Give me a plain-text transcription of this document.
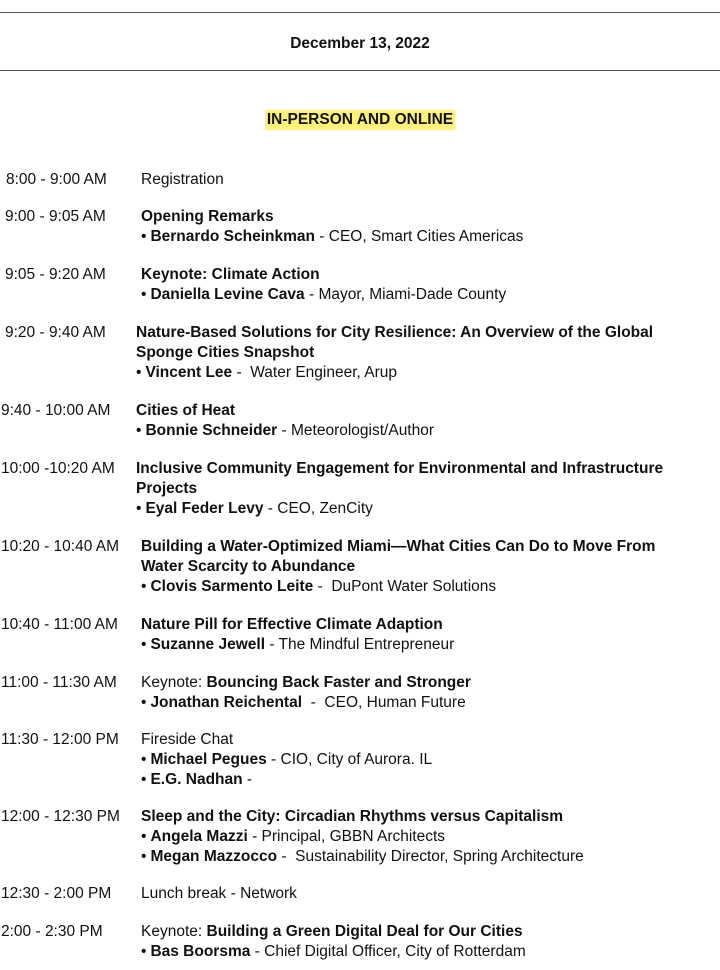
December 13, 2022
IN-PERSON AND ONLINE
8:00 - 9:00 AM Registration
9:00 - 9:05 AM Opening Remarks
• Bernardo Scheinkman - CEO, Smart Cities Americas
9:05 - 9:20 AM Keynote: Climate Action
• Daniella Levine Cava - Mayor, Miami-Dade County
9:20 - 9:40 AM Nature-Based Solutions for City Resilience: An Overview of the Global
Sponge Cities Snapshot
• Vincent Lee -  Water Engineer, Arup
9:40 - 10:00 AM Cities of Heat
• Bonnie Schneider - Meteorologist/Author
10:00 -10:20 AM Inclusive Community Engagement for Environmental and Infrastructure
Projects
• Eyal Feder Levy - CEO, ZenCity
10:20 - 10:40 AM Building a Water-Optimized Miami—What Cities Can Do to Move From
Water Scarcity to Abundance
• Clovis Sarmento Leite -  DuPont Water Solutions
10:40 - 11:00 AM Nature Pill for Effective Climate Adaption
• Suzanne Jewell - The Mindful Entrepreneur
11:00 - 11:30 AM Keynote: Bouncing Back Faster and Stronger
• Jonathan Reichental  -  CEO, Human Future
11:30 - 12:00 PM Fireside Chat
• Michael Pegues - CIO, City of Aurora. IL
• E.G. Nadhan -
12:00 - 12:30 PM Sleep and the City: Circadian Rhythms versus Capitalism
• Angela Mazzi - Principal, GBBN Architects
• Megan Mazzocco -  Sustainability Director, Spring Architecture
12:30 - 2:00 PM Lunch break - Network
2:00 - 2:30 PM Keynote: Building a Green Digital Deal for Our Cities
• Bas Boorsma - Chief Digital Officer, City of Rotterdam
